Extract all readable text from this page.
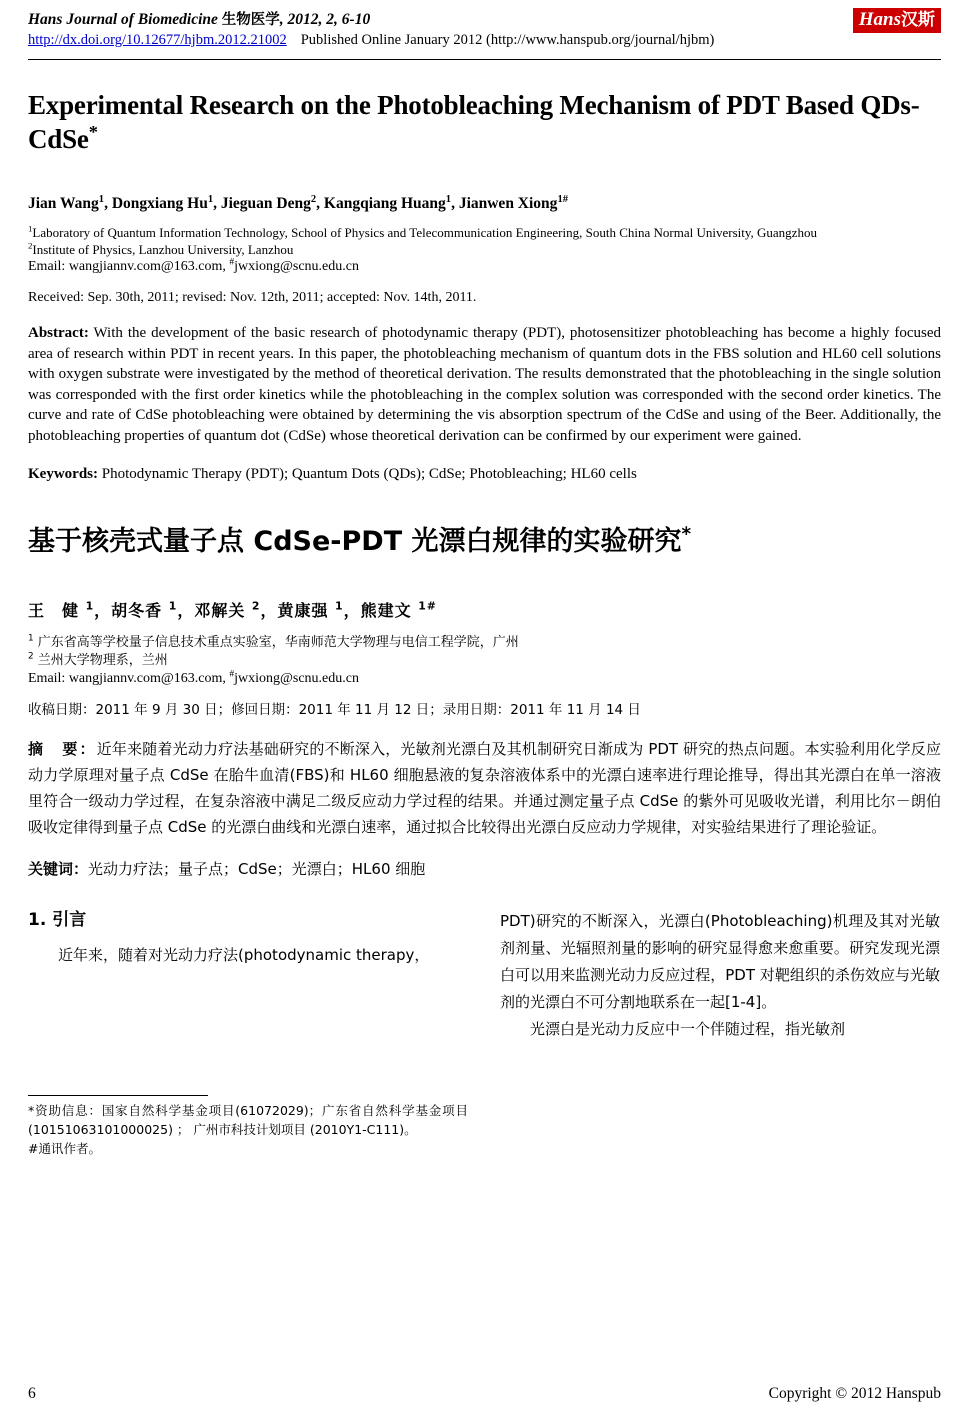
Hans Journal of Biomedicine 生物医学, 2012, 2, 6-10
http://dx.doi.org/10.12677/hjbm.2012.21002 Published Online January 2012 (http://www.hanspub.org/journal/hjbm)
Hans汉斯
Experimental Research on the Photobleaching Mechanism of PDT Based QDs-CdSe*
Jian Wang$^1$, Dongxiang Hu$^1$, Jieguan Deng$^2$, Kangqiang Huang$^1$, Jianwen Xiong$^{1\#}$
$^1$Laboratory of Quantum Information Technology, School of Physics and Telecommunication Engineering, South China Normal University, Guangzhou
$^2$Institute of Physics, Lanzhou University, Lanzhou
Email: wangjiannv.com@163.com, #jwxiong@scnu.edu.cn
Received: Sep. 30th, 2011; revised: Nov. 12th, 2011; accepted: Nov. 14th, 2011.
Abstract: With the development of the basic research of photodynamic therapy (PDT), photosensitizer photobleaching has become a highly focused area of research within PDT in recent years. In this paper, the photobleaching mechanism of quantum dots in the FBS solution and HL60 cell solutions with oxygen substrate were investigated by the method of theoretical derivation. The results demonstrated that the photobleaching in the single solution was corresponded with the first order kinetics while the photobleaching in the complex solution was corresponded with the second order kinetics. The curve and rate of CdSe photobleaching were obtained by determining the vis absorption spectrum of the CdSe and using of the Beer. Additionally, the photobleaching properties of quantum dot (CdSe) whose theoretical derivation can be confirmed by our experiment were gained.
Keywords: Photodynamic Therapy (PDT); Quantum Dots (QDs); CdSe; Photobleaching; HL60 cells
基于核壳式量子点 CdSe-PDT 光漂白规律的实验研究*
王　健 $^1$，胡冬香 $^1$，邓解关 $^2$，黄康强 $^1$，熊建文 $^{1\#}$
$^1$ 广东省高等学校量子信息技术重点实验室，华南师范大学物理与电信工程学院，广州
$^2$ 兰州大学物理系，兰州
Email: wangjiannv.com@163.com, #jwxiong@scnu.edu.cn
收稿日期：2011 年 9 月 30 日；修回日期：2011 年 11 月 12 日；录用日期：2011 年 11 月 14 日
摘　要：近年来随着光动力疗法基础研究的不断深入，光敏剂光漂白及其机制研究日渐成为 PDT 研究的热点问题。本实验利用化学反应动力学原理对量子点 CdSe 在胎牛血清(FBS)和 HL60 细胞悬液的复杂溶液体系中的光漂白速率进行理论推导，得出其光漂白在单一溶液里符合一级动力学过程，在复杂溶液中满足二级反应动力学过程的结果。并通过测定量子点 CdSe 的紫外可见吸收光谱，利用比尔－朗伯吸收定律得到量子点 CdSe 的光漂白曲线和光漂白速率，通过拟合比较得出光漂白反应动力学规律，对实验结果进行了理论验证。
关键词：光动力疗法；量子点；CdSe；光漂白；HL60 细胞
1. 引言
近年来，随着对光动力疗法(photodynamic therapy，
*资助信息：国家自然科学基金项目(61072029)；广东省自然科学基金项目 (10151063101000025) ； 广州市科技计划项目 (2010Y1-C111)。
#通讯作者。
PDT)研究的不断深入，光漂白(Photobleaching)机理及其对光敏剂剂量、光辐照剂量的影响的研究显得愈来愈重要。研究发现光漂白可以用来监测光动力反应过程，PDT 对靶组织的杀伤效应与光敏剂的光漂白不可分割地联系在一起[1-4]。
光漂白是光动力反应中一个伴随过程，指光敏剂
6	Copyright © 2012 Hanspub
